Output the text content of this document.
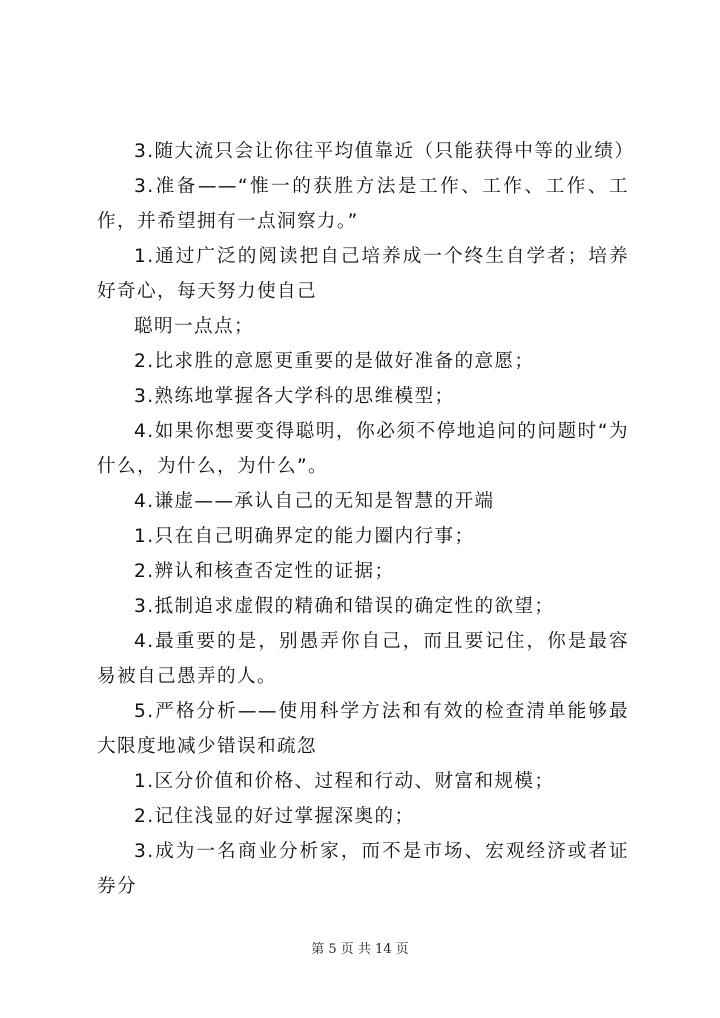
3.随大流只会让你往平均值靠近（只能获得中等的业绩）

3.准备——“惟一的获胜方法是工作、工作、工作、工作，并希望拥有一点洞察力。”

1.通过广泛的阅读把自己培养成一个终生自学者；培养好奇心，每天努力使自己

聪明一点点；

2.比求胜的意愿更重要的是做好准备的意愿；

3.熟练地掌握各大学科的思维模型；

4.如果你想要变得聪明，你必须不停地追问的问题时“为什么，为什么，为什么”。

4.谦虚——承认自己的无知是智慧的开端

1.只在自己明确界定的能力圈内行事；

2.辨认和核查否定性的证据；

3.抵制追求虚假的精确和错误的确定性的欲望；

4.最重要的是，别愚弄你自己，而且要记住，你是最容易被自己愚弄的人。

5.严格分析——使用科学方法和有效的检查清单能够最大限度地减少错误和疏忽

1.区分价值和价格、过程和行动、财富和规模；

2.记住浅显的好过掌握深奥的；

3.成为一名商业分析家，而不是市场、宏观经济或者证券分

第 5 页 共 14 页
